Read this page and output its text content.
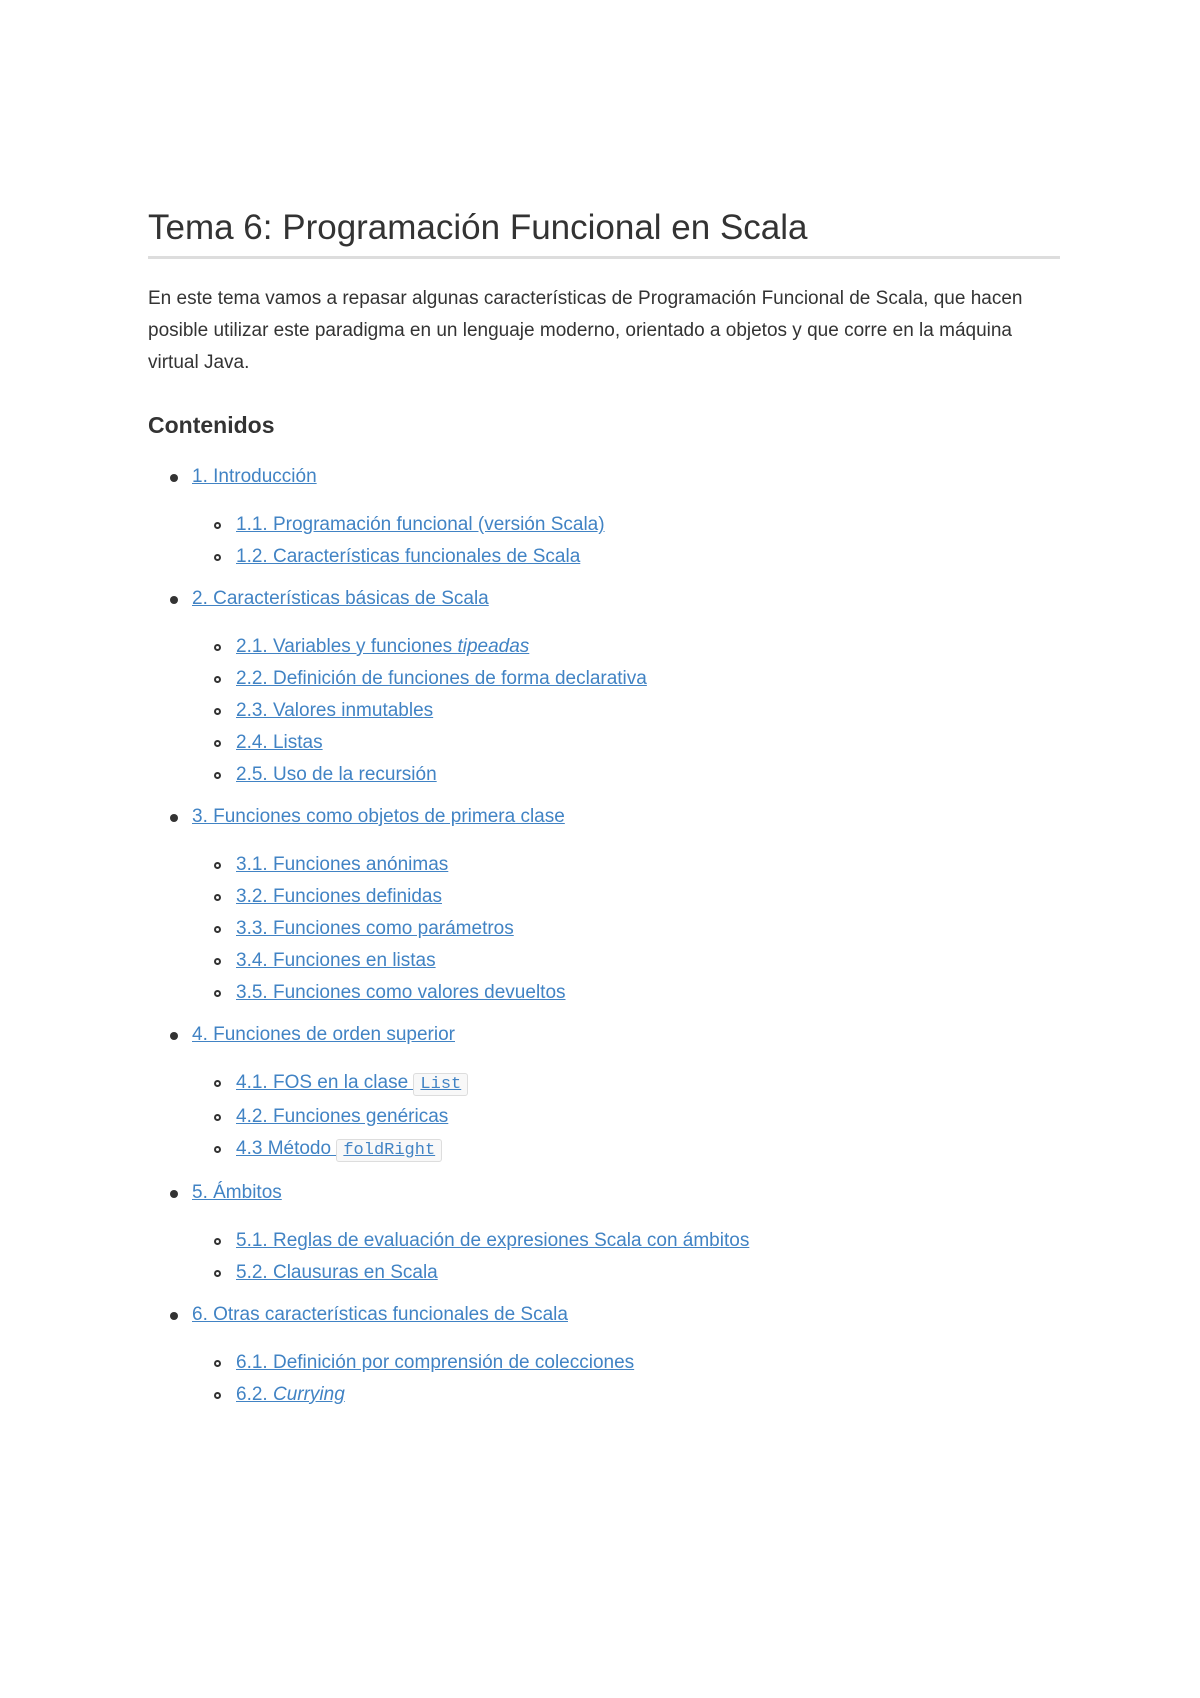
Tema 6: Programación Funcional en Scala

En este tema vamos a repasar algunas características de Programación Funcional de Scala, que hacen posible utilizar este paradigma en un lenguaje moderno, orientado a objetos y que corre en la máquina virtual Java.

Contenidos
1. Introducción
1.1. Programación funcional (versión Scala)
1.2. Características funcionales de Scala
2. Características básicas de Scala
2.1. Variables y funciones tipeadas
2.2. Definición de funciones de forma declarativa
2.3. Valores inmutables
2.4. Listas
2.5. Uso de la recursión
3. Funciones como objetos de primera clase
3.1. Funciones anónimas
3.2. Funciones definidas
3.3. Funciones como parámetros
3.4. Funciones en listas
3.5. Funciones como valores devueltos
4. Funciones de orden superior
4.1. FOS en la clase List
4.2. Funciones genéricas
4.3 Método foldRight
5. Ámbitos
5.1. Reglas de evaluación de expresiones Scala con ámbitos
5.2. Clausuras en Scala
6. Otras características funcionales de Scala
6.1. Definición por comprensión de colecciones
6.2. Currying
